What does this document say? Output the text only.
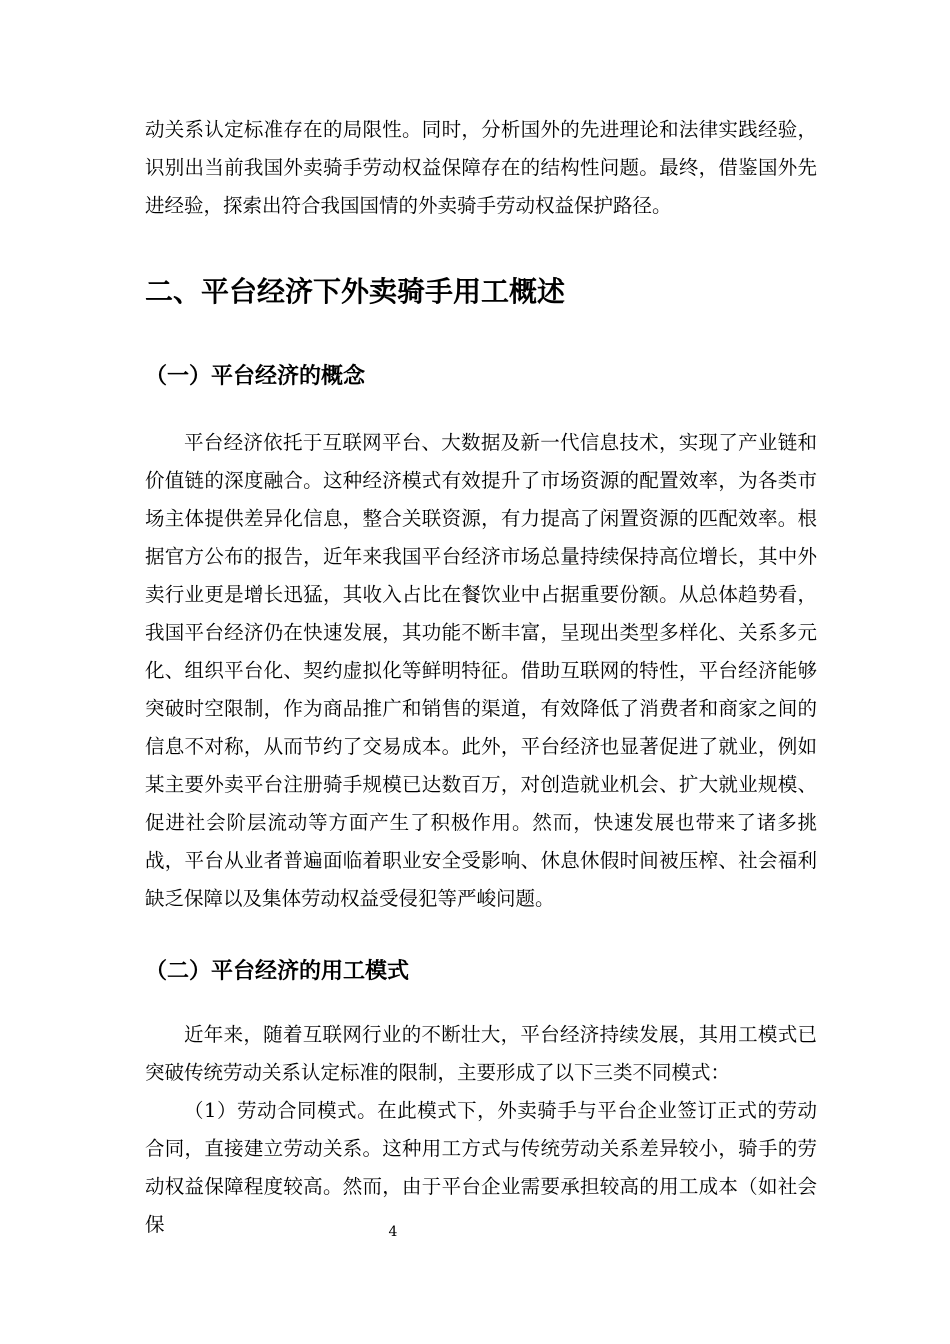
动关系认定标准存在的局限性。同时，分析国外的先进理论和法律实践经验，识别出当前我国外卖骑手劳动权益保障存在的结构性问题。最终，借鉴国外先进经验，探索出符合我国国情的外卖骑手劳动权益保护路径。

二、平台经济下外卖骑手用工概述
（一）平台经济的概念

平台经济依托于互联网平台、大数据及新一代信息技术，实现了产业链和价值链的深度融合。这种经济模式有效提升了市场资源的配置效率，为各类市场主体提供差异化信息，整合关联资源，有力提高了闲置资源的匹配效率。根据官方公布的报告，近年来我国平台经济市场总量持续保持高位增长，其中外卖行业更是增长迅猛，其收入占比在餐饮业中占据重要份额。从总体趋势看，我国平台经济仍在快速发展，其功能不断丰富，呈现出类型多样化、关系多元化、组织平台化、契约虚拟化等鲜明特征。借助互联网的特性，平台经济能够突破时空限制，作为商品推广和销售的渠道，有效降低了消费者和商家之间的信息不对称，从而节约了交易成本。此外，平台经济也显著促进了就业，例如某主要外卖平台注册骑手规模已达数百万，对创造就业机会、扩大就业规模、促进社会阶层流动等方面产生了积极作用。然而，快速发展也带来了诸多挑战，平台从业者普遍面临着职业安全受影响、休息休假时间被压榨、社会福利缺乏保障以及集体劳动权益受侵犯等严峻问题。

（二）平台经济的用工模式

近年来，随着互联网行业的不断壮大，平台经济持续发展，其用工模式已突破传统劳动关系认定标准的限制，主要形成了以下三类不同模式：

（1）劳动合同模式。在此模式下，外卖骑手与平台企业签订正式的劳动合同，直接建立劳动关系。这种用工方式与传统劳动关系差异较小，骑手的劳动权益保障程度较高。然而，由于平台企业需要承担较高的用工成本（如社会保	4
